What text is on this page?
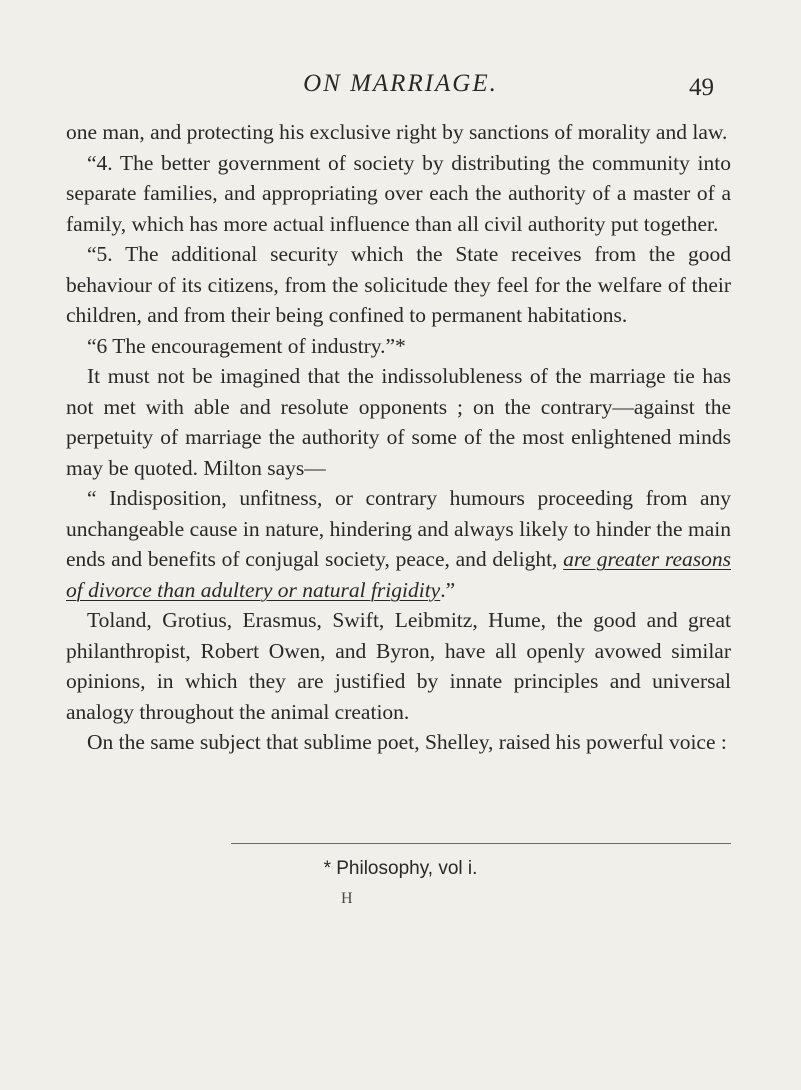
ON MARRIAGE.	49

one man, and protecting his exclusive right by sanctions of morality and law.

“4. The better government of society by distributing the community into separate families, and appropriating over each the authority of a master of a family, which has more actual influence than all civil authority put together.

“5. The additional security which the State receives from the good behaviour of its citizens, from the solicitude they feel for the welfare of their children, and from their being confined to permanent habitations.

“6 The encouragement of industry.”*

It must not be imagined that the indissolubleness of the marriage tie has not met with able and resolute opponents ; on the contrary—against the perpetuity of marriage the authority of some of the most enlightened minds may be quoted. Milton says—

“ Indisposition, unfitness, or contrary humours proceeding from any unchangeable cause in nature, hindering and always likely to hinder the main ends and benefits of conjugal society, peace, and delight, are greater reasons of divorce than adultery or natural frigidity.”

Toland, Grotius, Erasmus, Swift, Leibmitz, Hume, the good and great philanthropist, Robert Owen, and Byron, have all openly avowed similar opinions, in which they are justified by innate principles and universal analogy throughout the animal creation.

On the same subject that sublime poet, Shelley, raised his powerful voice :

* Philosophy, vol i.
H
